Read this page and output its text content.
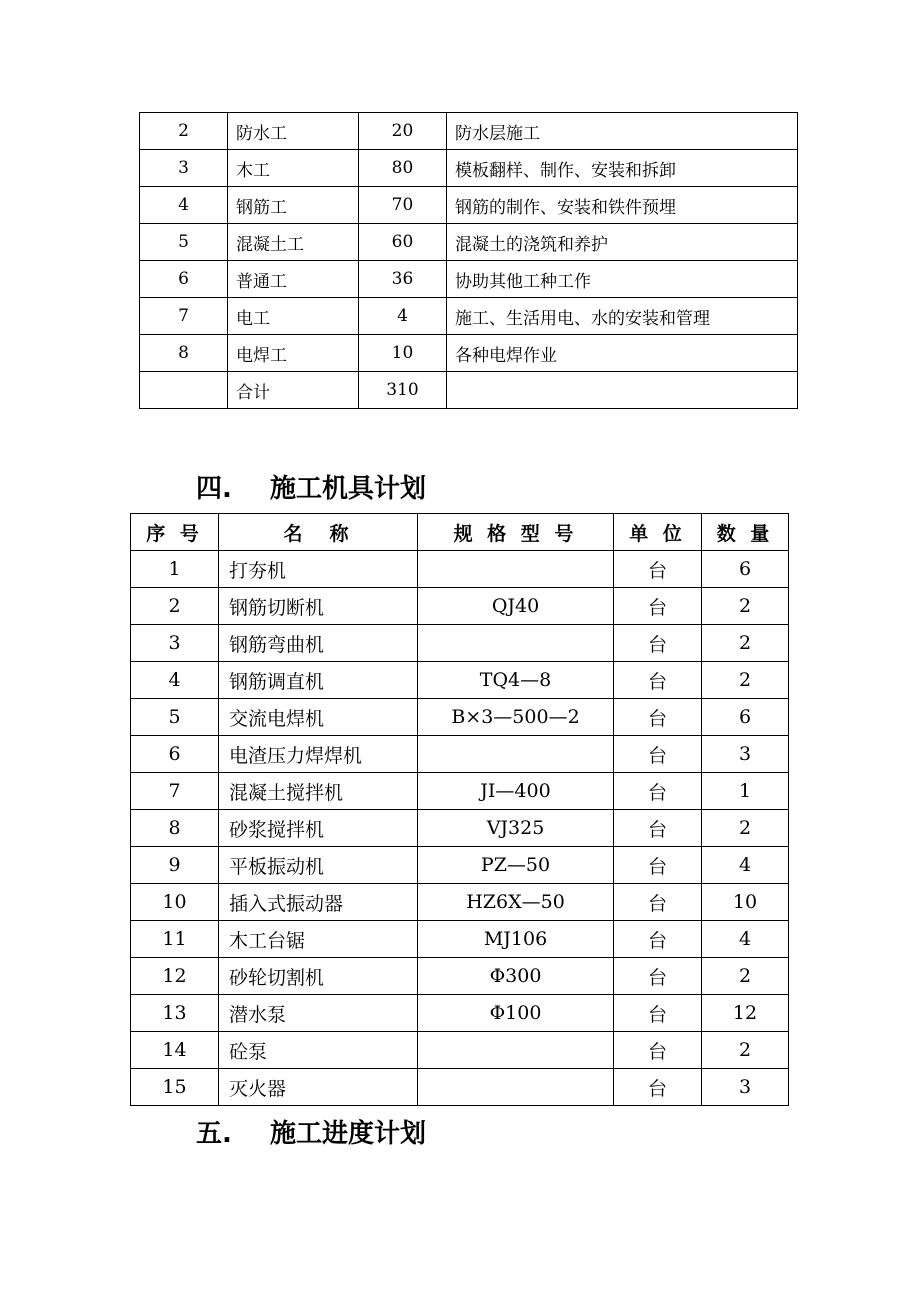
2	防水工	20	防水层施工
3	木工	80	模板翻样、制作、安装和拆卸
4	钢筋工	70	钢筋的制作、安装和铁件预埋
5	混凝土工	60	混凝土的浇筑和养护
6	普通工	36	协助其他工种工作
7	电工	4	施工、生活用电、水的安装和管理
8	电焊工	10	各种电焊作业
	合计	310	
四. 施工机具计划
序 号	名　称	规 格 型 号	单 位	数 量
1	打夯机		台	6
2	钢筋切断机	QJ40	台	2
3	钢筋弯曲机		台	2
4	钢筋调直机	TQ4—8	台	2
5	交流电焊机	B×3—500—2	台	6
6	电渣压力焊焊机		台	3
7	混凝土搅拌机	JI—400	台	1
8	砂浆搅拌机	VJ325	台	2
9	平板振动机	PZ—50	台	4
10	插入式振动器	HZ6X—50	台	10
11	木工台锯	MJ106	台	4
12	砂轮切割机	Φ300	台	2
13	潜水泵	Φ100	台	12
14	砼泵		台	2
15	灭火器		台	3
五. 施工进度计划
